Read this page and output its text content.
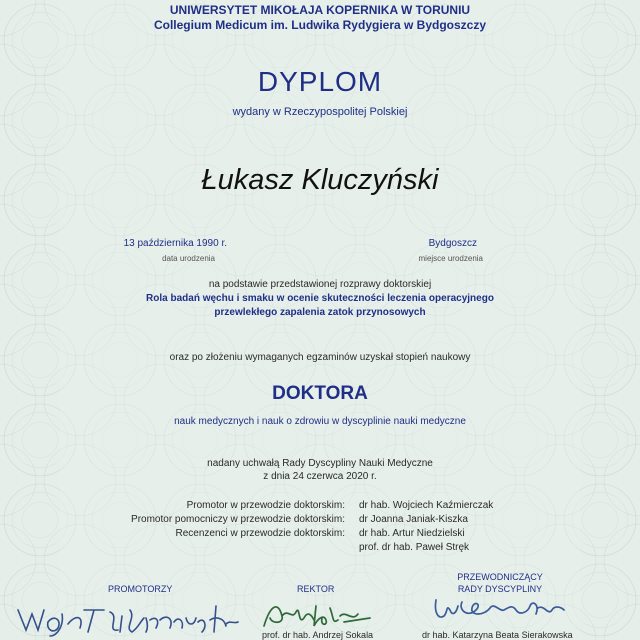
UNIWERSYTET MIKOŁAJA KOPERNIKA W TORUNIU
Collegium Medicum im. Ludwika Rydygiera w Bydgoszczy
DYPLOM
wydany w Rzeczypospolitej Polskiej
Łukasz Kluczyński
13 października 1990 r.
data urodzenia
Bydgoszcz
miejsce urodzenia
na podstawie przedstawionej rozprawy doktorskiej
Rola badań węchu i smaku w ocenie skuteczności leczenia operacyjnego
przewlekłego zapalenia zatok przynosowych
oraz po złożeniu wymaganych egzaminów uzyskał stopień naukowy
DOKTORA
nauk medycznych i nauk o zdrowiu w dyscyplinie nauki medyczne
nadany uchwałą Rady Dyscypliny Nauki Medyczne
z dnia 24 czerwca 2020 r.
Promotor w przewodzie doktorskim: dr hab. Wojciech Kaźmierczak
Promotor pomocniczy w przewodzie doktorskim: dr Joanna Janiak-Kiszka
Recenzenci w przewodzie doktorskim: dr hab. Artur Niedzielski
prof. dr hab. Paweł Stręk
PROMOTORZY	REKTOR
PRZEWODNICZĄCY
RADY DYSCYPLINY
prof. dr hab. Andrzej Sokala	dr hab. Katarzyna Beata Sierakowska
